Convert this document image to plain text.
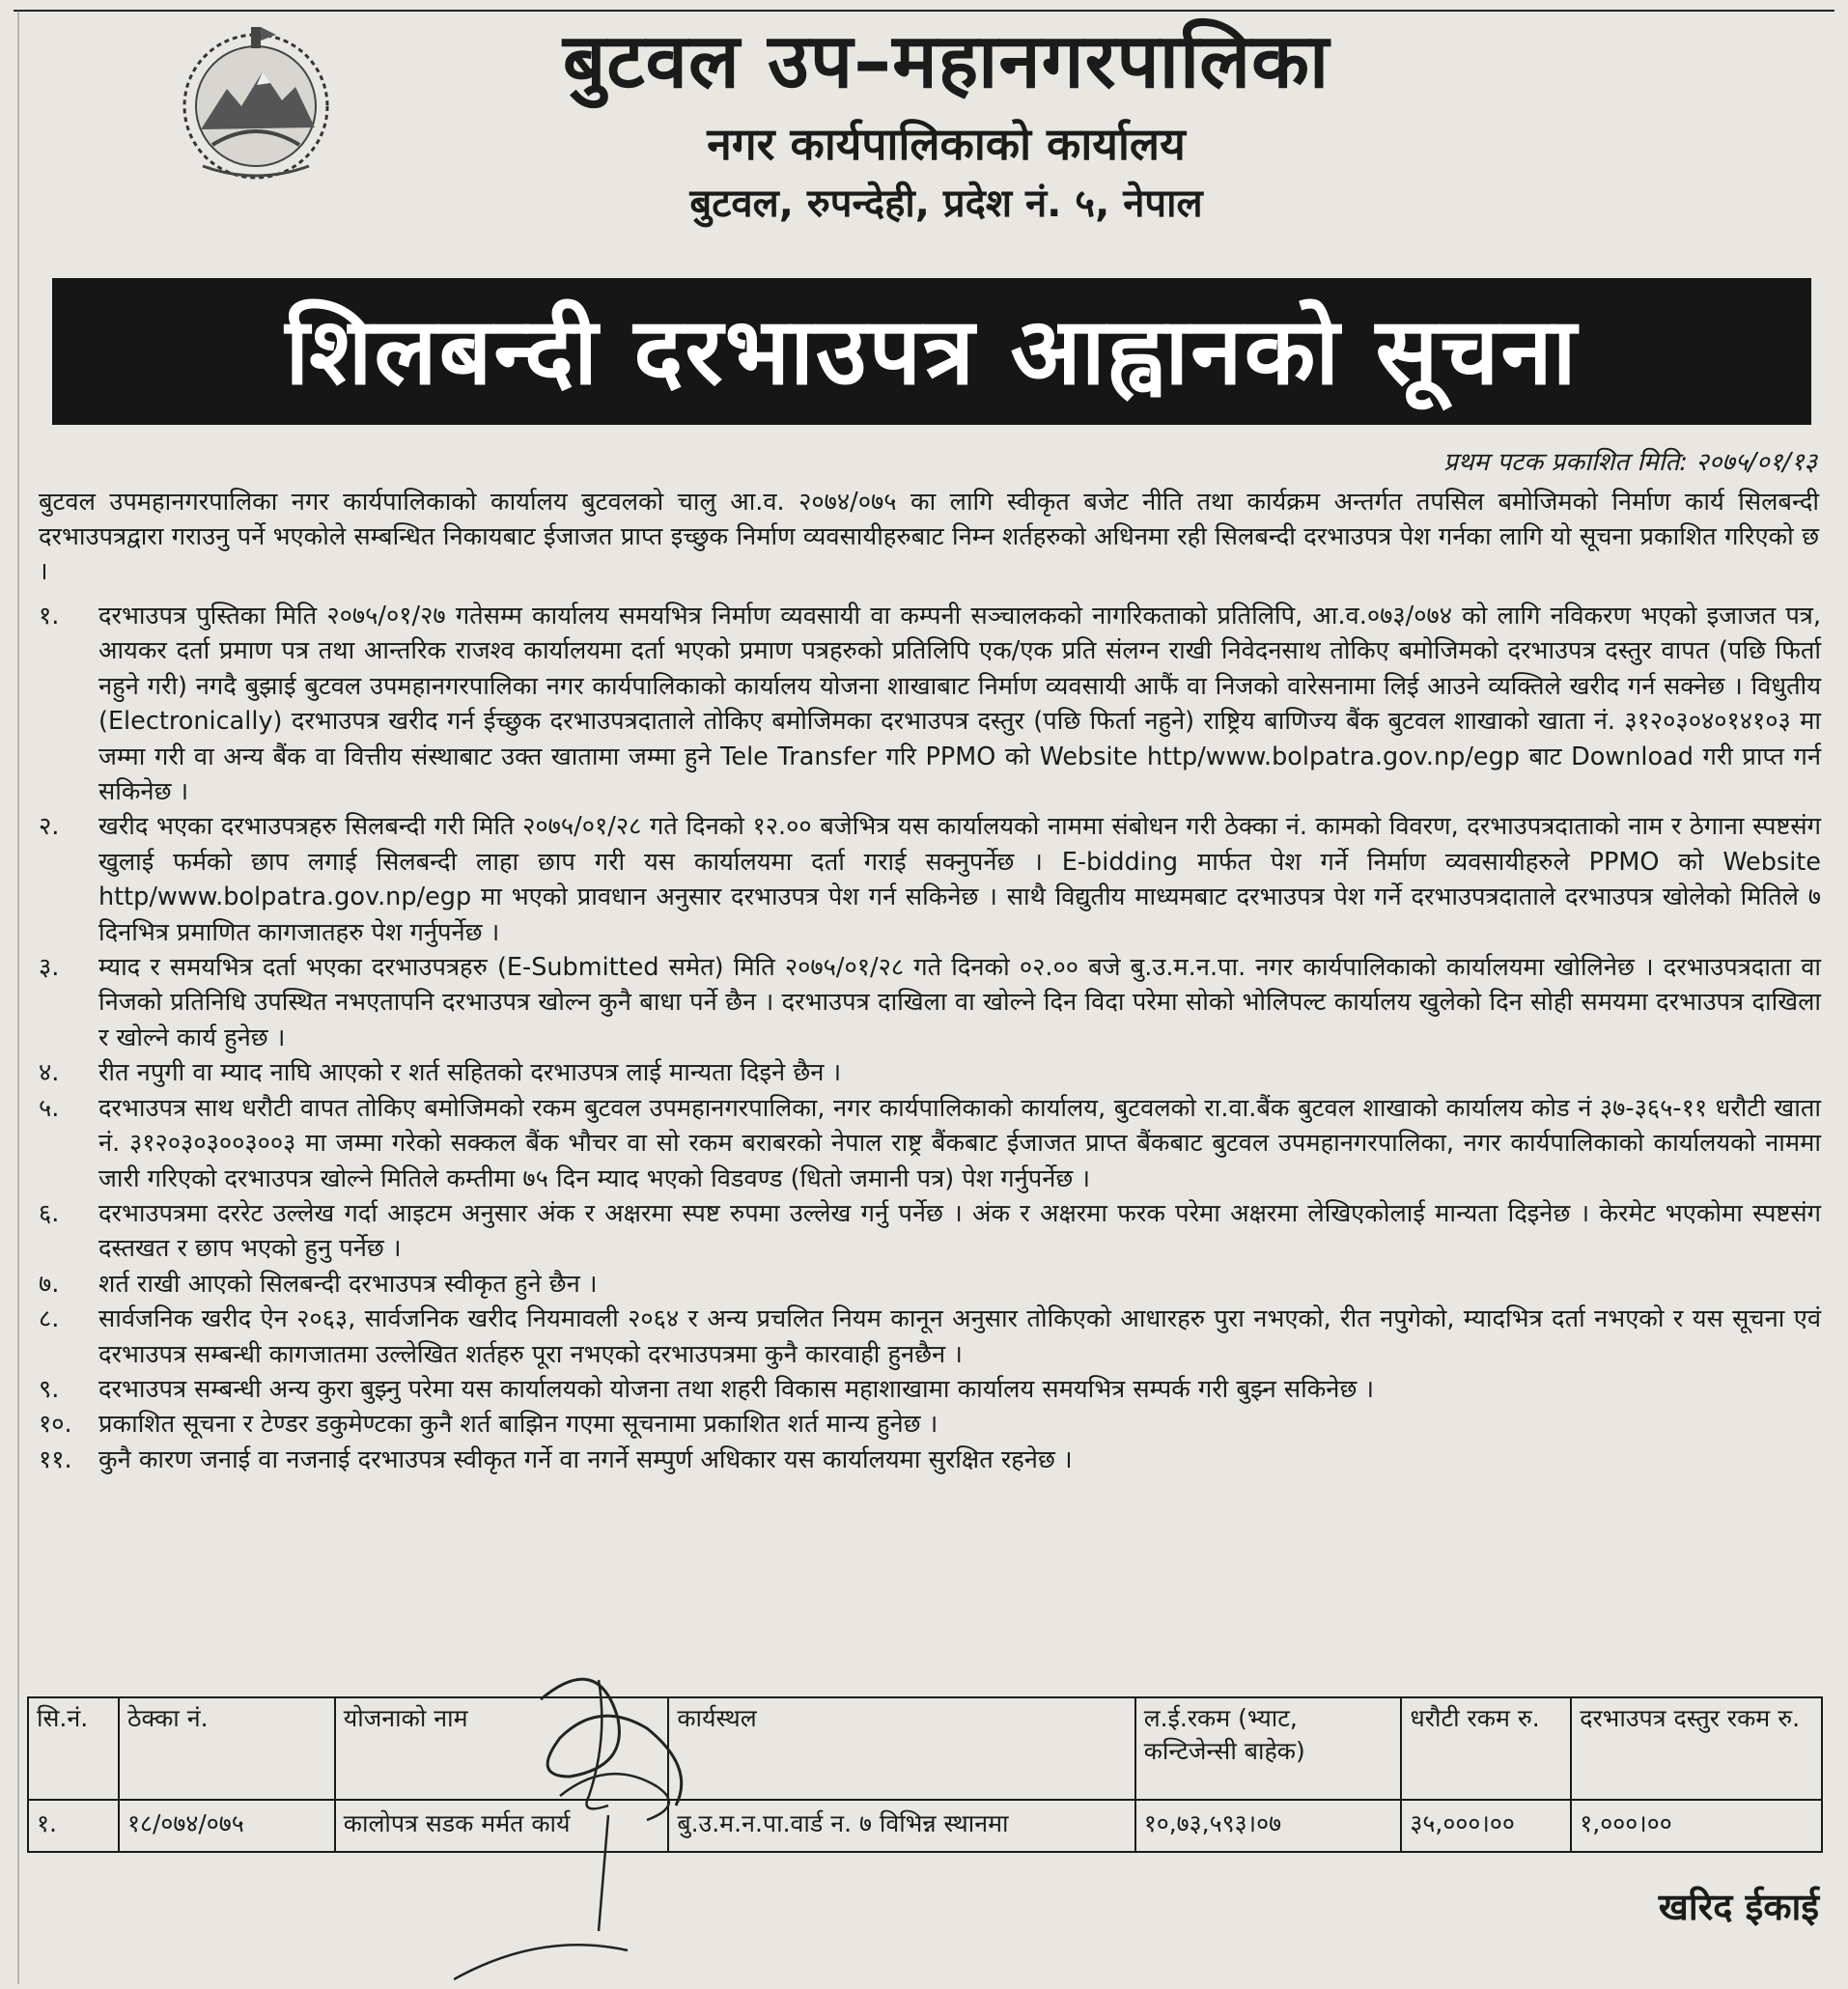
बुटवल उप–महानगरपालिका
नगर कार्यपालिकाको कार्यालय
बुटवल, रुपन्देही, प्रदेश नं. ५, नेपाल
शिलबन्दी दरभाउपत्र आह्वानको सूचना
प्रथम पटक प्रकाशित मिति: २०७५/०१/१३
बुटवल उपमहानगरपालिका नगर कार्यपालिकाको कार्यालय बुटवलको चालु आ.व. २०७४/०७५ का लागि स्वीकृत बजेट नीति तथा कार्यक्रम अन्तर्गत तपसिल बमोजिमको निर्माण कार्य सिलबन्दी दरभाउपत्रद्वारा गराउनु पर्ने भएकोले सम्बन्धित निकायबाट ईजाजत प्राप्त इच्छुक निर्माण व्यवसायीहरुबाट निम्न शर्तहरुको अधिनमा रही सिलबन्दी दरभाउपत्र पेश गर्नका लागि यो सूचना प्रकाशित गरिएको छ ।
१.	दरभाउपत्र पुस्तिका मिति २०७५/०१/२७ गतेसम्म कार्यालय समयभित्र निर्माण व्यवसायी वा कम्पनी सञ्चालकको नागरिकताको प्रतिलिपि, आ.व.०७३/०७४ को लागि नविकरण भएको इजाजत पत्र, आयकर दर्ता प्रमाण पत्र तथा आन्तरिक राजश्व कार्यालयमा दर्ता भएको प्रमाण पत्रहरुको प्रतिलिपि एक/एक प्रति संलग्न राखी निवेदनसाथ तोकिए बमोजिमको दरभाउपत्र दस्तुर वापत (पछि फिर्ता नहुने गरी) नगदै बुझाई बुटवल उपमहानगरपालिका नगर कार्यपालिकाको कार्यालय योजना शाखाबाट निर्माण व्यवसायी आफैं वा निजको वारेसनामा लिई आउने व्यक्तिले खरीद गर्न सक्नेछ । विधुतीय (Electronically) दरभाउपत्र खरीद गर्न ईच्छुक दरभाउपत्रदाताले तोकिए बमोजिमका दरभाउपत्र दस्तुर (पछि फिर्ता नहुने) राष्ट्रिय बाणिज्य बैंक बुटवल शाखाको खाता नं. ३१२०३०४०१४१०३ मा जम्मा गरी वा अन्य बैंक वा वित्तीय संस्थाबाट उक्त खातामा जम्मा हुने Tele Transfer गरि PPMO को Website http/www.bolpatra.gov.np/egp बाट Download गरी प्राप्त गर्न सकिनेछ ।
२.	खरीद भएका दरभाउपत्रहरु सिलबन्दी गरी मिति २०७५/०१/२८ गते दिनको १२.०० बजेभित्र यस कार्यालयको नाममा संबोधन गरी ठेक्का नं. कामको विवरण, दरभाउपत्रदाताको नाम र ठेगाना स्पष्टसंग खुलाई फर्मको छाप लगाई सिलबन्दी लाहा छाप गरी यस कार्यालयमा दर्ता गराई सक्नुपर्नेछ । E-bidding मार्फत पेश गर्ने निर्माण व्यवसायीहरुले PPMO को Website http/www.bolpatra.gov.np/egp मा भएको प्रावधान अनुसार दरभाउपत्र पेश गर्न सकिनेछ । साथै विद्युतीय माध्यमबाट दरभाउपत्र पेश गर्ने दरभाउपत्रदाताले दरभाउपत्र खोलेको मितिले ७ दिनभित्र प्रमाणित कागजातहरु पेश गर्नुपर्नेछ ।
३.	म्याद र समयभित्र दर्ता भएका दरभाउपत्रहरु (E-Submitted समेत) मिति २०७५/०१/२८ गते दिनको ०२.०० बजे बु.उ.म.न.पा. नगर कार्यपालिकाको कार्यालयमा खोलिनेछ । दरभाउपत्रदाता वा निजको प्रतिनिधि उपस्थित नभएतापनि दरभाउपत्र खोल्न कुनै बाधा पर्ने छैन । दरभाउपत्र दाखिला वा खोल्ने दिन विदा परेमा सोको भोलिपल्ट कार्यालय खुलेको दिन सोही समयमा दरभाउपत्र दाखिला र खोल्ने कार्य हुनेछ ।
४.	रीत नपुगी वा म्याद नाघि आएको र शर्त सहितको दरभाउपत्र लाई मान्यता दिइने छैन ।
५.	दरभाउपत्र साथ धरौटी वापत तोकिए बमोजिमको रकम बुटवल उपमहानगरपालिका, नगर कार्यपालिकाको कार्यालय, बुटवलको रा.वा.बैंक बुटवल शाखाको कार्यालय कोड नं ३७-३६५-११ धरौटी खाता नं. ३१२०३०३००३००३ मा जम्मा गरेको सक्कल बैंक भौचर वा सो रकम बराबरको नेपाल राष्ट्र बैंकबाट ईजाजत प्राप्त बैंकबाट बुटवल उपमहानगरपालिका, नगर कार्यपालिकाको कार्यालयको नाममा जारी गरिएको दरभाउपत्र खोल्ने मितिले कम्तीमा ७५ दिन म्याद भएको विडवण्ड (धितो जमानी पत्र) पेश गर्नुपर्नेछ ।
६.	दरभाउपत्रमा दररेट उल्लेख गर्दा आइटम अनुसार अंक र अक्षरमा स्पष्ट रुपमा उल्लेख गर्नु पर्नेछ । अंक र अक्षरमा फरक परेमा अक्षरमा लेखिएकोलाई मान्यता दिइनेछ । केरमेट भएकोमा स्पष्टसंग दस्तखत र छाप भएको हुनु पर्नेछ ।
७.	शर्त राखी आएको सिलबन्दी दरभाउपत्र स्वीकृत हुने छैन ।
८.	सार्वजनिक खरीद ऐन २०६३, सार्वजनिक खरीद नियमावली २०६४ र अन्य प्रचलित नियम कानून अनुसार तोकिएको आधारहरु पुरा नभएको, रीत नपुगेको, म्यादभित्र दर्ता नभएको र यस सूचना एवं दरभाउपत्र सम्बन्धी कागजातमा उल्लेखित शर्तहरु पूरा नभएको दरभाउपत्रमा कुनै कारवाही हुनछैन ।
९.	दरभाउपत्र सम्बन्धी अन्य कुरा बुझ्नु परेमा यस कार्यालयको योजना तथा शहरी विकास महाशाखामा कार्यालय समयभित्र सम्पर्क गरी बुझ्न सकिनेछ ।
१०.	प्रकाशित सूचना र टेण्डर डकुमेण्टका कुनै शर्त बाझिन गएमा सूचनामा प्रकाशित शर्त मान्य हुनेछ ।
११.	कुनै कारण जनाई वा नजनाई दरभाउपत्र स्वीकृत गर्ने वा नगर्ने सम्पुर्ण अधिकार यस कार्यालयमा सुरक्षित रहनेछ ।
सि.नं.	ठेक्का नं.	योजनाको नाम	कार्यस्थल	ल.ई.रकम (भ्याट, कन्टिजेन्सी बाहेक)	धरौटी रकम रु.	दरभाउपत्र दस्तुर रकम रु.
१.	१८/०७४/०७५	कालोपत्र सडक मर्मत कार्य	बु.उ.म.न.पा.वार्ड न. ७ विभिन्न स्थानमा	१०,७३,५९३।०७	३५,०००।००	१,०००।००
खरिद ईकाई
